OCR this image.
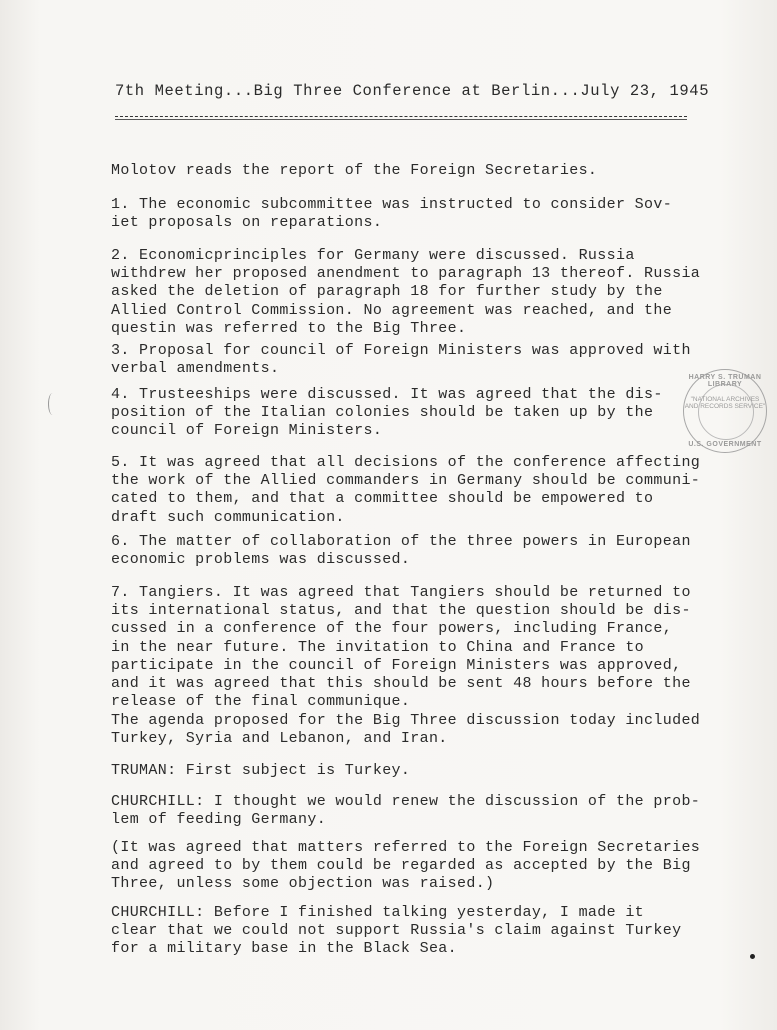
7th Meeting...Big Three Conference at Berlin...July 23, 1945

Molotov reads the report of the Foreign Secretaries.

1. The economic subcommittee was instructed to consider Sov-
iet proposals on reparations.

2. Economicprinciples for Germany were discussed. Russia
withdrew her proposed anendment to paragraph 13 thereof. Russia
asked the deletion of paragraph 18 for further study by the
Allied Control Commission. No agreement was reached, and the
questin was referred to the Big Three.

3. Proposal for council of Foreign Ministers was approved with
verbal amendments.

4. Trusteeships were discussed. It was agreed that the dis-
position of the Italian colonies should be taken up by the
council of Foreign Ministers.

5. It was agreed that all decisions of the conference affecting
the work of the Allied commanders in Germany should be communi-
cated to them, and that a committee should be empowered to
draft such communication.

6. The matter of collaboration of the three powers in European
economic problems was discussed.

7. Tangiers. It was agreed that Tangiers should be returned to
its international status, and that the question should be dis-
cussed in a conference of the four powers, including France,
in the near future. The invitation to China and France to
participate in the council of Foreign Ministers was approved,
and it was agreed that this should be sent 48 hours before the
release of the final communique.

The agenda proposed for the Big Three discussion today included
Turkey, Syria and Lebanon, and Iran.

TRUMAN: First subject is Turkey.

CHURCHILL: I thought we would renew the discussion of the prob-
lem of feeding Germany.

(It was agreed that matters referred to the Foreign Secretaries
and agreed to by them could be regarded as accepted by the Big
Three, unless some objection was raised.)

CHURCHILL: Before I finished talking yesterday, I made it
clear that we could not support Russia's claim against Turkey
for a military base in the Black Sea.

HARRY S. TRUMAN LIBRARY
"NATIONAL ARCHIVES AND RECORDS SERVICE"
U.S. GOVERNMENT
